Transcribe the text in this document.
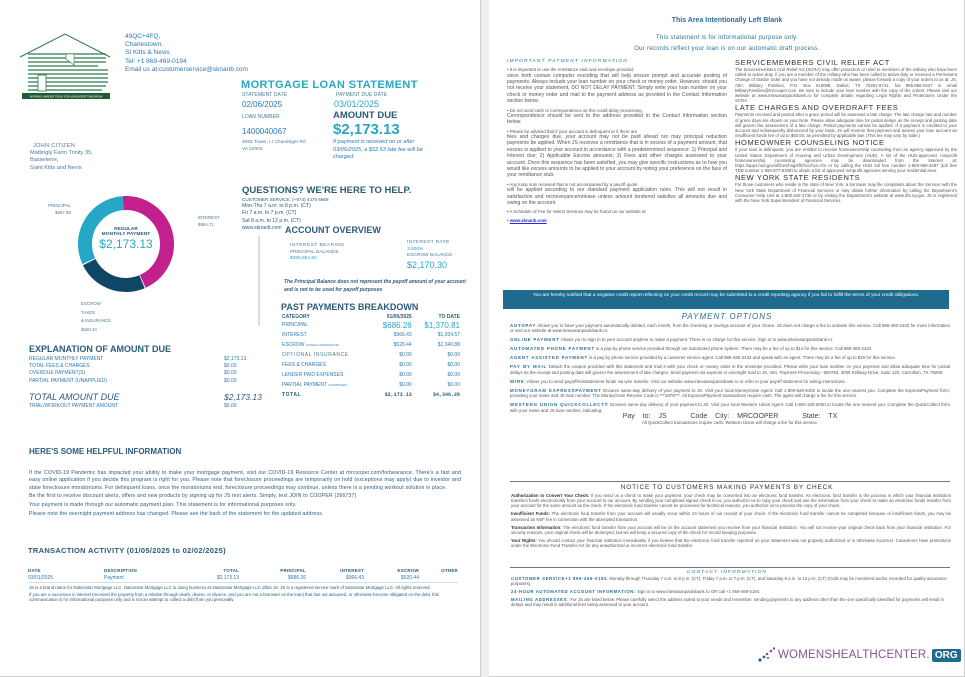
WORKING HARDER TODAY FOR A BRIGHTER TOMORROW
49QC+4FQ,
Charlestown,
St Kitts & Nevis
Tel: +1 869-469-0194
Email us at:customerservice@sknanb.com
JOHN CITIZEN
Mattingly Farm Trinity 35,
Basseterre,
Saint Kitts and Nevis
MORTGAGE LOAN STATEMENT
STATEMENT DATE	PAYMENT DUE DATE
02/06/2025	03/01/2025
LOAN NUMBER
1400040067
AMOUNT DUE
$2,173.13
4083 Tower, I.I Chundriger Rd
VA 22003
If payment is received on or after 03/06/2025, a $52.63 late fee will be charged.
QUESTIONS? WE'RE HERE TO HELP.
CUSTOMER SERVICE: (+974) 4476 6666
Mon-Thu 7 a.m. to 8 p.m. (CT)
Fri 7 a.m. to 7 p.m. (CT)
Sat 8 a.m. to 12 p.m. (CT)
www.sknanb.com ACCOUNT OVERVIEW
INTEREST BEARING
PRINCIPAL BALANCE
$385,884.90
INTEREST RATE
3.000%
ESCROW BALANCE
$2,170.30
The Principal Balance does not represent the payoff amount of your account and is not to be used for payoff purposes
PAST PAYMENTS BREAKDOWN
CATEGORY	01/05/2025	TO DATE
PRINCIPAL	$686.26	$1,370.81
INTEREST	$966.43	$1,934.57
ESCROW (TAXES & INSURANCE)	$520.44	$1,040.88
OPTIONAL INSURANCE	$0.00	$0.00
FEES & CHARGES	$0.00	$0.00
LENDER PAID EXPENSES	$0.00	$0.00
PARTIAL PAYMENT (UNAPPLIED)	$0.00	$0.00
TOTAL	$2,173.13	$4,346.26
REGULAR
MONTHLY PAYMENT
$2,173.13
PRINCIPAL
$687.98
INTEREST
$964.71
ESCROW
TAXES
& INSURANCE
$520.44
EXPLANATION OF AMOUNT DUE
REGULAR MONTHLY PAYMENT	$2,173.13
TOTAL FEES & CHARGES	$0.00
OVERDUE PAYMENT(S)	$0.00
PARTIAL PAYMENT (UNAPPLIED)	$0.00
TOTAL AMOUNT DUE	$2,173.13
TRIAL/WORKOUT PAYMENT AMOUNT	$0.00
HERE'S SOME HELPFUL INFORMATION

If the COVID-19 Pandemic has impacted your ability to make your mortgage payment, visit our COVID-19 Resource Center at mrcooper.com/forbearance. There's a fast and easy online application if you decide this program is right for you. Please note that foreclosure proceedings are temporarily on hold (exceptions may apply) due to investor and state foreclosure moratoriums. For delinquent loans, once the moratoriums end, foreclosure proceedings may continue, unless there is a pending workout solution in place.

Be the first to receive discount alerts, offers and new products by signing up for JS text alerts. Simply, text JOIN to COOPER (266737)

Your payment is made through our automatic payment plan. This statement is for informational purposes only.

Please note the overnight payment address has changed. Please see the back of the statement for the updated address.

TRANSACTION ACTIVITY (01/05/2025 to 02/02/2025)
DATE	DESCRIPTION	TOTAL	PRINCIPAL	INTEREST	ESCROW	OTHER
03/01/2025	Payment	$2,173.13	$686.26	$966.43	$520.44	

JS is a brand name for Nationstar Mortgage LLC. Nationstar Mortgage LLC is doing business as Nationstar Mortgage LLC d/b/a JS. JS is a registered service mark of Nationstar Mortgage LLC. All rights reserved.

If you are a successor in interest (received the property from a relative through death, devise, or divorce, and you are not a borrower on the loan) that has not assumed, or otherwise become obligated on the debt, this communication is for informational purposes only and is not an attempt to collect a debt from you personally.

This Area Intentionally Left Blank
This statement is for informational purpose only.
Our records reflect your loan is on our automatic draft process.
IMPORTANT PAYMENT INFORMATION

• It is important to use the remittance stub and envelope provided
since both contain computer encoding that will help ensure prompt and accurate posting of payments. Always include your loan number on your check or money order. However, should you not receive your statement, DO NOT DELAY PAYMENT. Simply write your loan number on your check or money order and mail to the payment address as provided in the Contact Information section below.

• Do not send cash or correspondence as this could delay processing.
Correspondence should be sent to the address provided in the Contact Information section below.

• Please be advised that if your account is delinquent or if there are
fees and charges due, your account may not be paid ahead nor may principal reduction payments be applied. When JS receives a remittance that is in excess of a payment amount, that excess is applied to your account in accordance with a predetermined sequence: 1) Principal and Interest due; 2) Applicable Escrow amounts; 3) Fees and other charges assessed to your account. Once this sequence has been satisfied, you may give specific instructions as to how you would like excess amounts to be applied to your account by noting your preference on the face of your remittance stub.

• Any lump sum received that is not accompanied by a payoff quote
will be applied according to our standard payment application rules. This will not result in satisfaction and reconveyance/release unless amount tendered satisfies all amounts due and owing on the account.

• A Schedule of Fee for Select Services may be found on our website at

• www.sknanb.com

SERVICEMEMBERS CIVIL RELIEF ACT

The Servicemembers Civil Relief Act (SCRA) may offer protection or relief to members of the military who have been called to active duty. If you are a member of the military who has been called to active duty or received a Permanent Change of Station order and you have not already made us aware, please forward a copy of your orders to us at: JS, Attn: Military Families, P.O. Box 619098, Dallas, TX 75261-9741, fax 855-856-0427 or email MilitaryFamilies@mrcooper.com. Be sure to include your loan number with the copy of the orders. Please visit our website at www.intesasanpaolobank.ro for complete details regarding Legal Rights and Protections Under the SCRA.

LATE CHARGES AND OVERDRAFT FEES

Payments received and posted after a grace period will be assessed a late charge. The late charge rate and number of grace days are shown on your Note. Please allow adequate time for postal delays as the receipt and posting date will govern the assessment of a late charge. Partial payments cannot be applied. If a payment is credited to your account and subsequently dishonored by your bank, JS will reverse that payment and assess your loan account an insufficient funds fee of up to $50.00, as permitted by applicable law. (This fee may vary by state.)

HOMEOWNER COUNSELING NOTICE

If your loan is delinquent, you are entitled to receive homeownership counseling from an agency approved by the United States Department of Housing and Urban Development (HUD). A list of the HUD-approved, nonprofit homeownership counseling agencies may be downloaded from the Internet at: https://apps.hud.gov/offices/hsg/sfh/hcc/hcs.cfm or by calling the HUD toll free number 1-800-569-4287 (toll free TDD number 1-800-877-8339) to obtain a list of approved nonprofit agencies serving your residential area.

NEW YORK STATE RESIDENTS

For those customers who reside in the state of New York, a borrower may file complaints about the Servicer with the New York State Department of Financial Services or may obtain further information by calling the Department's Consumer Help Unit at 1-800-342-3736 or by visiting the Department's website at www.dfs.ny.gov. JS is registered with the New York Superintendent of Financial Services.

You are hereby notified that a negative credit report reflecting on your credit record may be submitted to a credit reporting agency if you fail to fulfill the terms of your credit obligations.
PAYMENT OPTIONS

AUTOPAY Allows you to have your payment automatically debited, each month, from the checking or savings account of your choice. JS does not charge a fee to activate this service. Call 888-480-2432 for more information or visit our website at www.intesasanpaolobank.ro.

ONLINE PAYMENT Allows you to sign in to your account anytime to make a payment. There is no charge for this service. Sign in to www.intesasanpaolobank.ro.

AUTOMATED PHONE PAYMENT is a pay-by-phone service provided through our automated phone system. There may be a fee of up to $14 for this service. Call 888-480-2432.

AGENT ASSISTED PAYMENT is a pay by phone service provided by a customer service agent. Call 888-480-2432 and speak with an agent. There may be a fee of up to $19 for this service.

PAY BY MAIL Detach the coupon provided with this statement and mail it with your check or money order in the envelope provided. Please write your loan number on your payment and allow adequate time for postal delays as the receipt and posting date will govern the assessment of late charges. Send payment via express or overnight mail to JS, Attn: Payment Processing - 650783, 3000 Kellway Drive, Suite 120, Carrollton, TX 75006.

WIRE: Allows you to send payoff/reinstatement funds via wire transfer. Visit our website www.intesasanpaolobank.ro or refer to your payoff statement for wiring instructions.

MONEYGRAM EXPRESSPAYMENT Ensures same-day delivery of your payment to JS. Visit your local MoneyGram Agent. Call 1-800-926-9400 to locate the one nearest you. Complete the ExpressPayment form, providing your name and JS loan number. The MoneyGram Receive Code is ***1878***. All ExpressPayment transactions require cash. The agent will charge a fee for this service.

WESTERN UNION QUICKCOLLECT® Ensures same-day delivery of your payment to JS. Visit your local Western Union Agent. Call 1-800-325-6000 to locate the one nearest you. Complete the QuickCollect form with your name and JS loan number, indicating:

Pay to: JS	Code City: MRCOOPER	State: TX

All QuickCollect transactions require cash. Western Union will charge a fee for this service.

NOTICE TO CUSTOMERS MAKING PAYMENTS BY CHECK

Authorization to Convert Your Check: If you send us a check to make your payment, your check may be converted into an electronic fund transfer. An electronic fund transfer is the process in which your financial institution transfers funds electronically from your account to our account. By sending your completed signed check to us, you authorize us to copy your check and use the information from your check to make an electronic funds transfer from your account for the same amount as the check. If the electronic fund transfer cannot be processed for technical reasons, you authorize us to process the copy of your check.

Insufficient Funds: The electronic fund transfer from your account will usually occur within 24 hours of our receipt of your check. If the electronic fund transfer cannot be completed because of insufficient funds, you may be assessed an NSF fee in connection with the attempted transaction.

Transaction Information: The electronic fund transfer from your account will be on the account statement you receive from your financial institution. You will not receive your original check back from your financial institution. For security reasons, your original check will be destroyed, but we will keep a secured copy of the check for record keeping purposes.

Your Rights: You should contact your financial institution immediately if you believe that the electronic fund transfer reported on your statement was not properly authorized or is otherwise incorrect. Consumers have protections under the Electronic Fund Transfer Act for any unauthorized or incorrect electronic fund transfer.

CONTACT INFORMATION

CUSTOMER SERVICE+1 869-469-0194, Monday through Thursday 7 a.m. to 8 p.m. (CT), Friday 7 a.m. to 7 p.m. (CT), and Saturday 8 a.m. to 12 p.m. (CT) (Calls may be monitored and/or recorded for quality assurance purposes).

24-HOUR AUTOMATED ACCOUNT INFORMATION: Sign in to www.intesasanpaolobank.ro OR call +1 869-469-0194.

MAILING ADDRESSES: For JS are listed below. Please carefully select the address suited to your needs and remember, sending payments to any address other than the one specifically identified for payments will result in delays and may result in additional fees being assessed to your account.

WOMENSHEALTHCENTER. ORG
